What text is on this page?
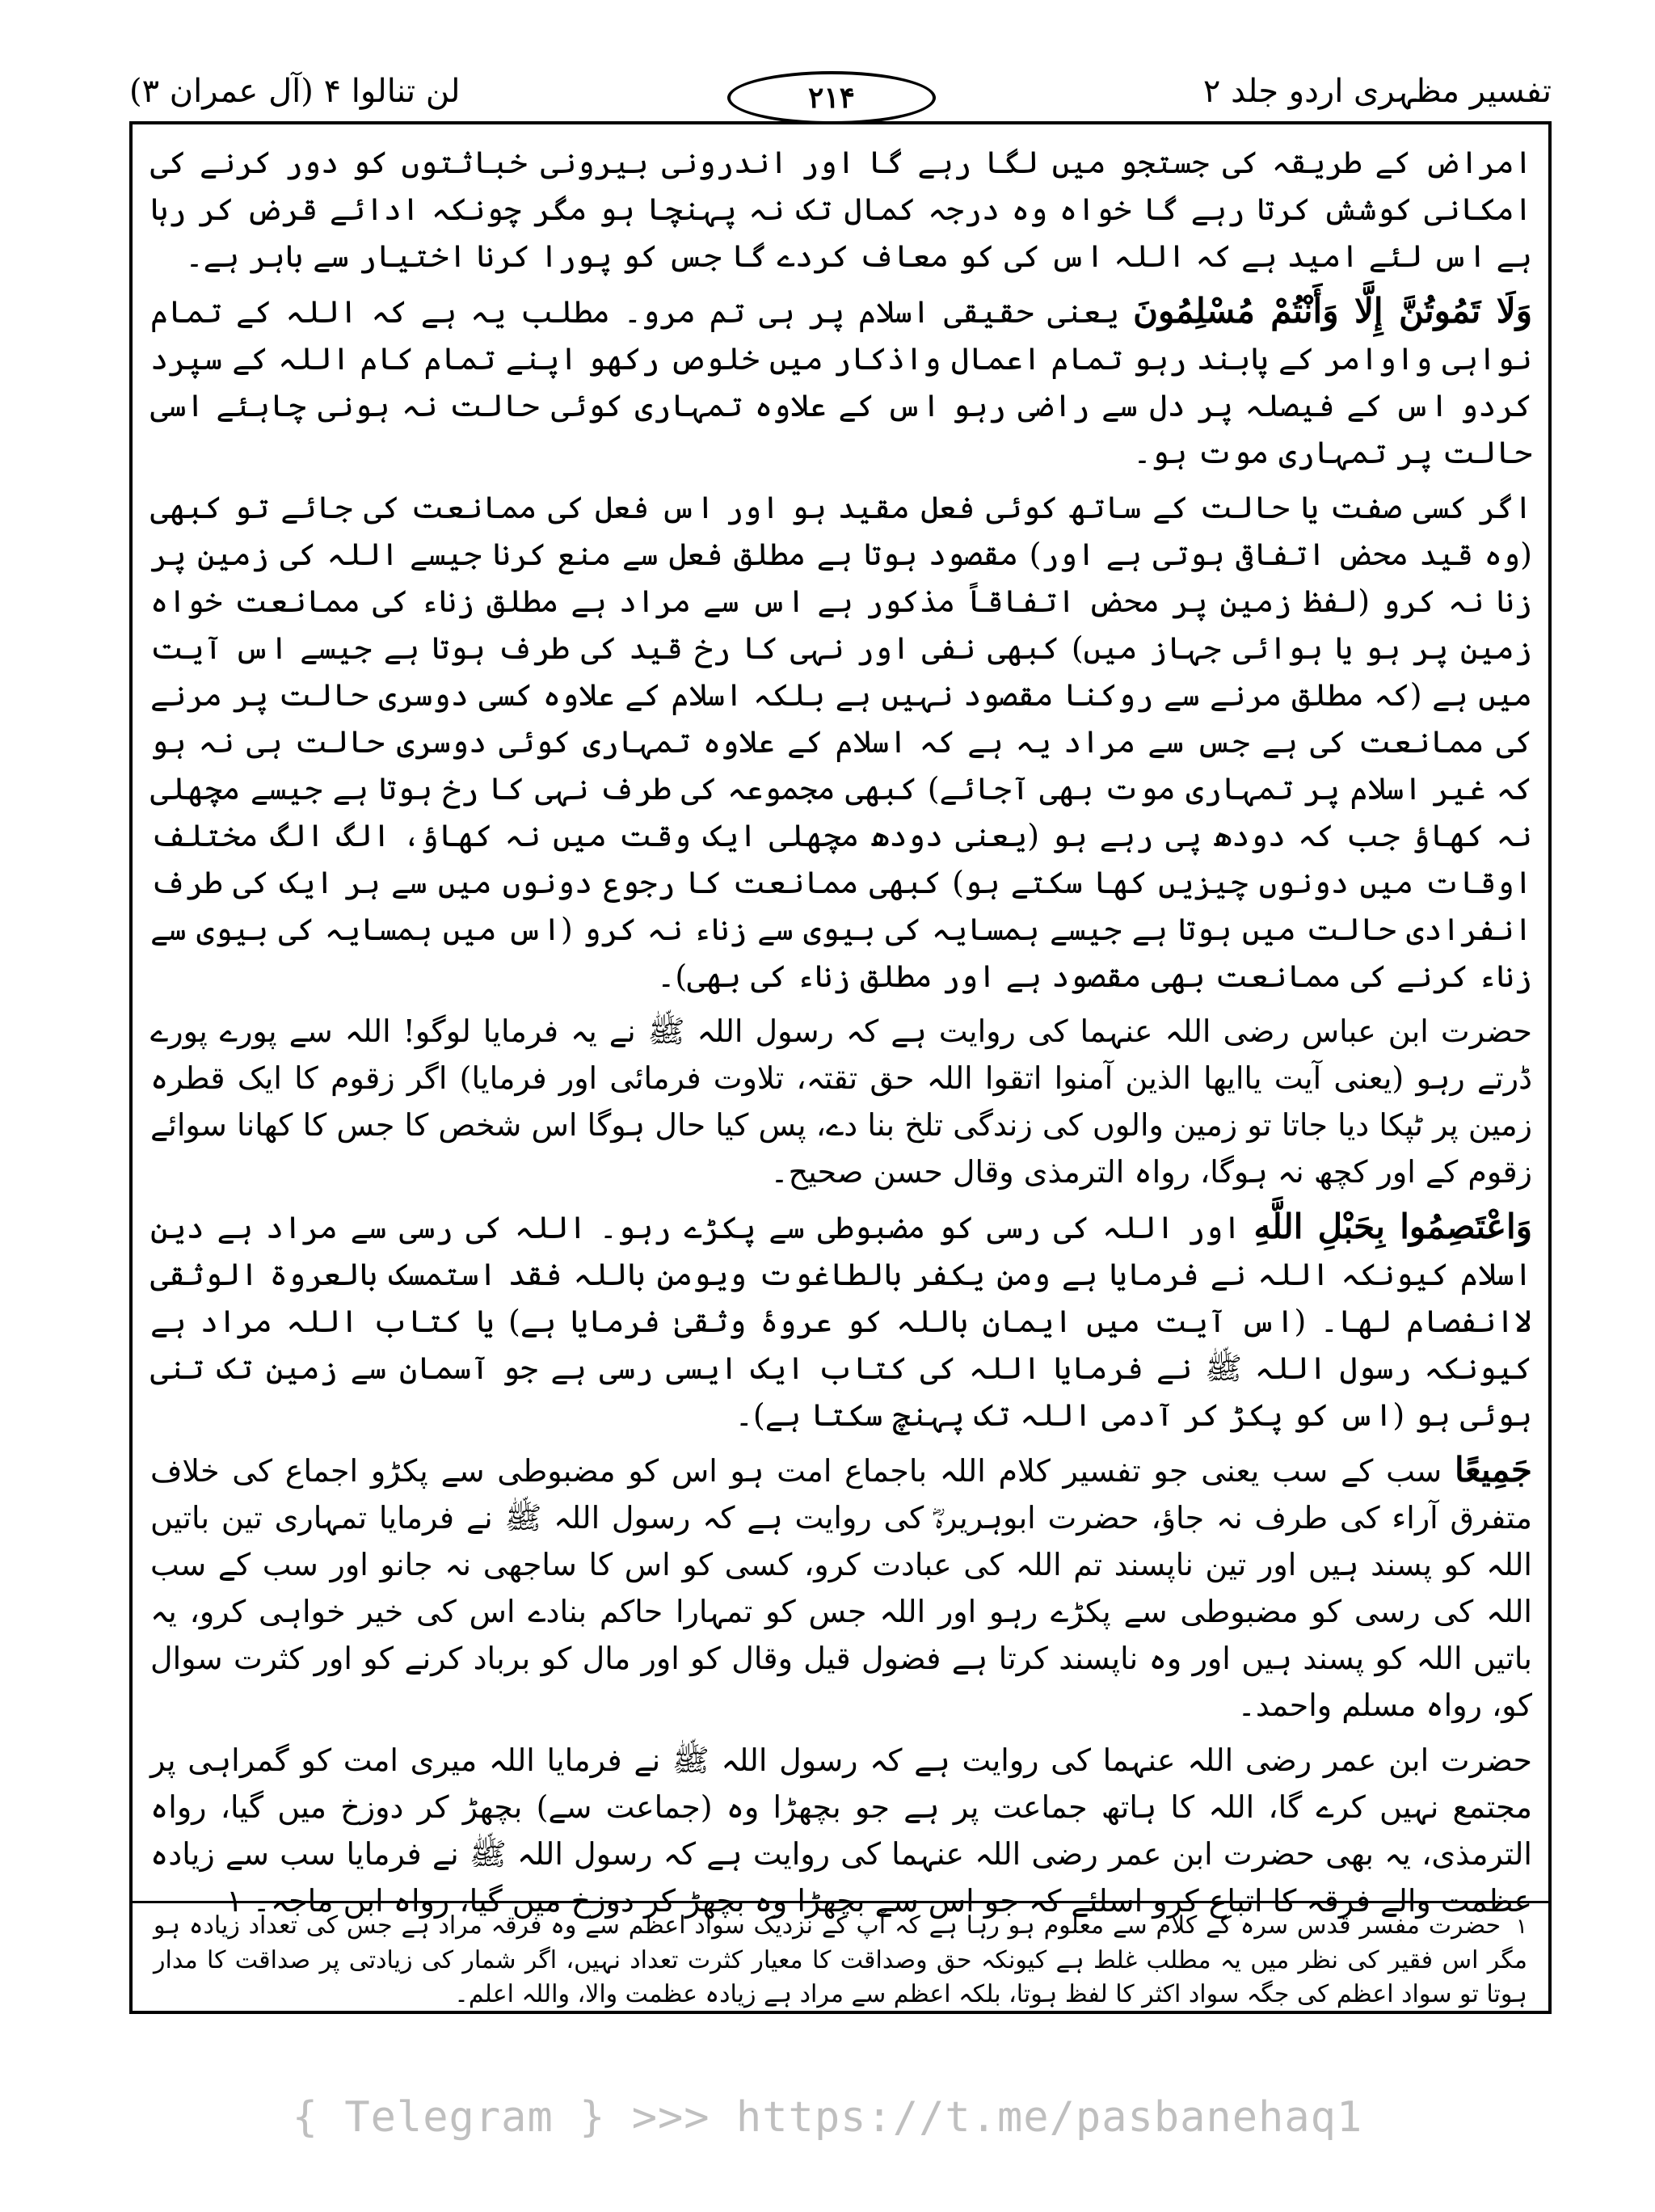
تفسیر مظہری اردو جلد ۲
۲۱۴
لن تنالوا ۴ (آل عمران ۳)

امراض کے طریقہ کی جستجو میں لگا رہے گا اور اندرونی بیرونی خباثتوں کو دور کرنے کی امکانی کوشش کرتا رہے گا خواہ وہ درجہ کمال تک نہ پہنچا ہو مگر چونکہ ادائے قرض کر رہا ہے اس لئے امید ہے کہ اللہ اس کی کو معاف کردے گا جس کو پورا کرنا اختیار سے باہر ہے۔

وَلَا تَمُوتُنَّ إِلَّا وَأَنْتُمْ مُسْلِمُونَ یعنی حقیقی اسلام پر ہی تم مرو۔ مطلب یہ ہے کہ اللہ کے تمام نواہی واوامر کے پابند رہو تمام اعمال واذکار میں خلوص رکھو اپنے تمام کام اللہ کے سپرد کردو اس کے فیصلہ پر دل سے راضی رہو اس کے علاوہ تمہاری کوئی حالت نہ ہونی چاہئے اسی حالت پر تمہاری موت ہو۔

اگر کسی صفت یا حالت کے ساتھ کوئی فعل مقید ہو اور اس فعل کی ممانعت کی جائے تو کبھی (وہ قید محض اتفاقی ہوتی ہے اور) مقصود ہوتا ہے مطلق فعل سے منع کرنا جیسے اللہ کی زمین پر زنا نہ کرو (لفظ زمین پر محض اتفاقاً مذکور ہے اس سے مراد ہے مطلق زناء کی ممانعت خواہ زمین پر ہو یا ہوائی جہاز میں) کبھی نفی اور نہی کا رخ قید کی طرف ہوتا ہے جیسے اس آیت میں ہے (کہ مطلق مرنے سے روکنا مقصود نہیں ہے بلکہ اسلام کے علاوہ کسی دوسری حالت پر مرنے کی ممانعت کی ہے جس سے مراد یہ ہے کہ اسلام کے علاوہ تمہاری کوئی دوسری حالت ہی نہ ہو کہ غیر اسلام پر تمہاری موت بھی آجائے) کبھی مجموعہ کی طرف نہی کا رخ ہوتا ہے جیسے مچھلی نہ کھاؤ جب کہ دودھ پی رہے ہو (یعنی دودھ مچھلی ایک وقت میں نہ کھاؤ، الگ الگ مختلف اوقات میں دونوں چیزیں کھا سکتے ہو) کبھی ممانعت کا رجوع دونوں میں سے ہر ایک کی طرف انفرادی حالت میں ہوتا ہے جیسے ہمسایہ کی بیوی سے زناء نہ کرو (اس میں ہمسایہ کی بیوی سے زناء کرنے کی ممانعت بھی مقصود ہے اور مطلق زناء کی بھی)۔

حضرت ابن عباس رضی اللہ عنہما کی روایت ہے کہ رسول اللہ ﷺ نے یہ فرمایا لوگو! اللہ سے پورے پورے ڈرتے رہو (یعنی آیت یاایھا الذین آمنوا اتقوا اللہ حق تقتہ، تلاوت فرمائی اور فرمایا) اگر زقوم کا ایک قطرہ زمین پر ٹپکا دیا جاتا تو زمین والوں کی زندگی تلخ بنا دے، پس کیا حال ہوگا اس شخص کا جس کا کھانا سوائے زقوم کے اور کچھ نہ ہوگا، رواہ الترمذی وقال حسن صحیح۔

وَاعْتَصِمُوا بِحَبْلِ اللَّهِ اور اللہ کی رسی کو مضبوطی سے پکڑے رہو۔ اللہ کی رسی سے مراد ہے دین اسلام کیونکہ اللہ نے فرمایا ہے ومن یکفر بالطاغوت ویومن باللہ فقد استمسک بالعروۃ الوثقی لاانفصام لھا۔ (اس آیت میں ایمان باللہ کو عروۂ وثقیٰ فرمایا ہے) یا کتاب اللہ مراد ہے کیونکہ رسول اللہ ﷺ نے فرمایا اللہ کی کتاب ایک ایسی رسی ہے جو آسمان سے زمین تک تنی ہوئی ہو (اس کو پکڑ کر آدمی اللہ تک پہنچ سکتا ہے)۔

جَمِيعًا سب کے سب یعنی جو تفسیر کلام اللہ باجماع امت ہو اس کو مضبوطی سے پکڑو اجماع کی خلاف متفرق آراء کی طرف نہ جاؤ، حضرت ابوہریرہؓ کی روایت ہے کہ رسول اللہ ﷺ نے فرمایا تمہاری تین باتیں اللہ کو پسند ہیں اور تین ناپسند تم اللہ کی عبادت کرو، کسی کو اس کا ساجھی نہ جانو اور سب کے سب اللہ کی رسی کو مضبوطی سے پکڑے رہو اور اللہ جس کو تمہارا حاکم بنادے اس کی خیر خواہی کرو، یہ باتیں اللہ کو پسند ہیں اور وہ ناپسند کرتا ہے فضول قیل وقال کو اور مال کو برباد کرنے کو اور کثرت سوال کو، رواہ مسلم واحمد۔

حضرت ابن عمر رضی اللہ عنہما کی روایت ہے کہ رسول اللہ ﷺ نے فرمایا اللہ میری امت کو گمراہی پر مجتمع نہیں کرے گا، اللہ کا ہاتھ جماعت پر ہے جو بچھڑا وہ (جماعت سے) بچھڑ کر دوزخ میں گیا، رواہ الترمذی، یہ بھی حضرت ابن عمر رضی اللہ عنہما کی روایت ہے کہ رسول اللہ ﷺ نے فرمایا سب سے زیادہ عظمت والے فرقہ کا اتباع کرو اسلئے کہ جو اس سے بچھڑا وہ بچھڑ کر دوزخ میں گیا، رواہ ابن ماجہ۔ ۱

۱ حضرت مفسر قدس سرہ کے کلام سے معلوم ہو رہا ہے کہ آپ کے نزدیک سواد اعظم سے وہ فرقہ مراد ہے جس کی تعداد زیادہ ہو مگر اس فقیر کی نظر میں یہ مطلب غلط ہے کیونکہ حق وصداقت کا معیار کثرت تعداد نہیں، اگر شمار کی زیادتی پر صداقت کا مدار ہوتا تو سواد اعظم کی جگہ سواد اکثر کا لفظ ہوتا، بلکہ اعظم سے مراد ہے زیادہ عظمت والا، واللہ اعلم۔
{ Telegram } >>> https://t.me/pasbanehaq1
